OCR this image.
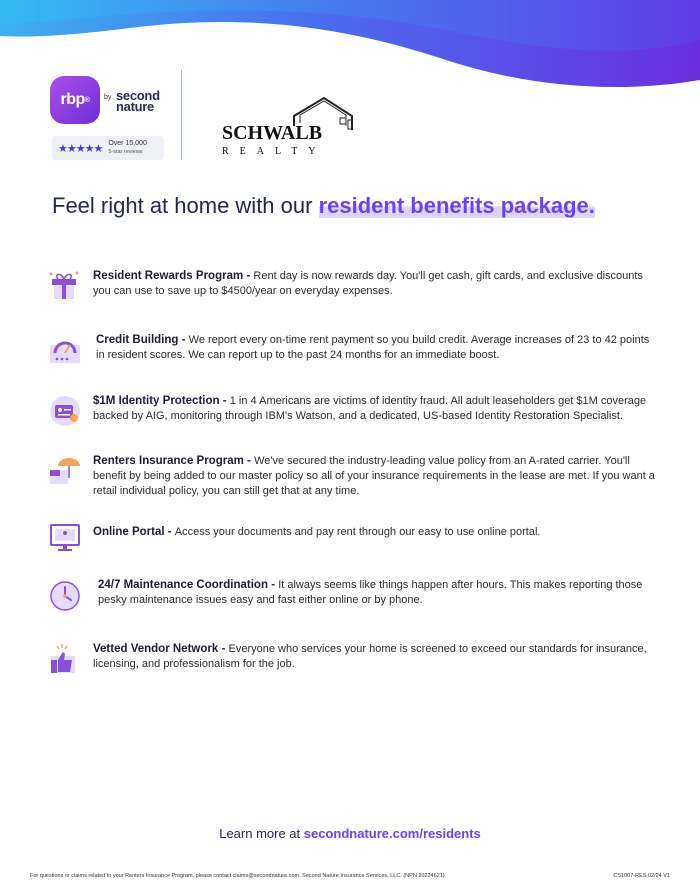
rbp ® by second
nature
★★★★★ Over 15,000
5-star reviews
SCHWALB
REALTY
Feel right at home with our resident benefits package.

Resident Rewards Program - Rent day is now rewards day. You'll get cash, gift cards, and exclusive discounts you can use to save up to $4500/year on everyday expenses.

Credit Building - We report every on-time rent payment so you build credit. Average increases of 23 to 42 points in resident scores. We can report up to the past 24 months for an immediate boost.

$1M Identity Protection - 1 in 4 Americans are victims of identity fraud. All adult leaseholders get $1M coverage backed by AIG, monitoring through IBM's Watson, and a dedicated, US-based Identity Restoration Specialist.

Renters Insurance Program - We've secured the industry-leading value policy from an A-rated carrier. You'll benefit by being added to our master policy so all of your insurance requirements in the lease are met. If you want a retail individual policy, you can still get that at any time.

Online Portal - Access your documents and pay rent through our easy to use online portal.

24/7 Maintenance Coordination - It always seems like things happen after hours. This makes reporting those pesky maintenance issues easy and fast either online or by phone.

Vetted Vendor Network - Everyone who services your home is screened to exceed our standards for insurance, licensing, and professionalism for the job.

Learn more at secondnature.com/residents

For questions or claims related to your Renters Insurance Program, please contact claims@secondnature.com. Second Nature Insurance Services, LLC. (NPN 20224621)	CS1007-RES 02/24 V1
